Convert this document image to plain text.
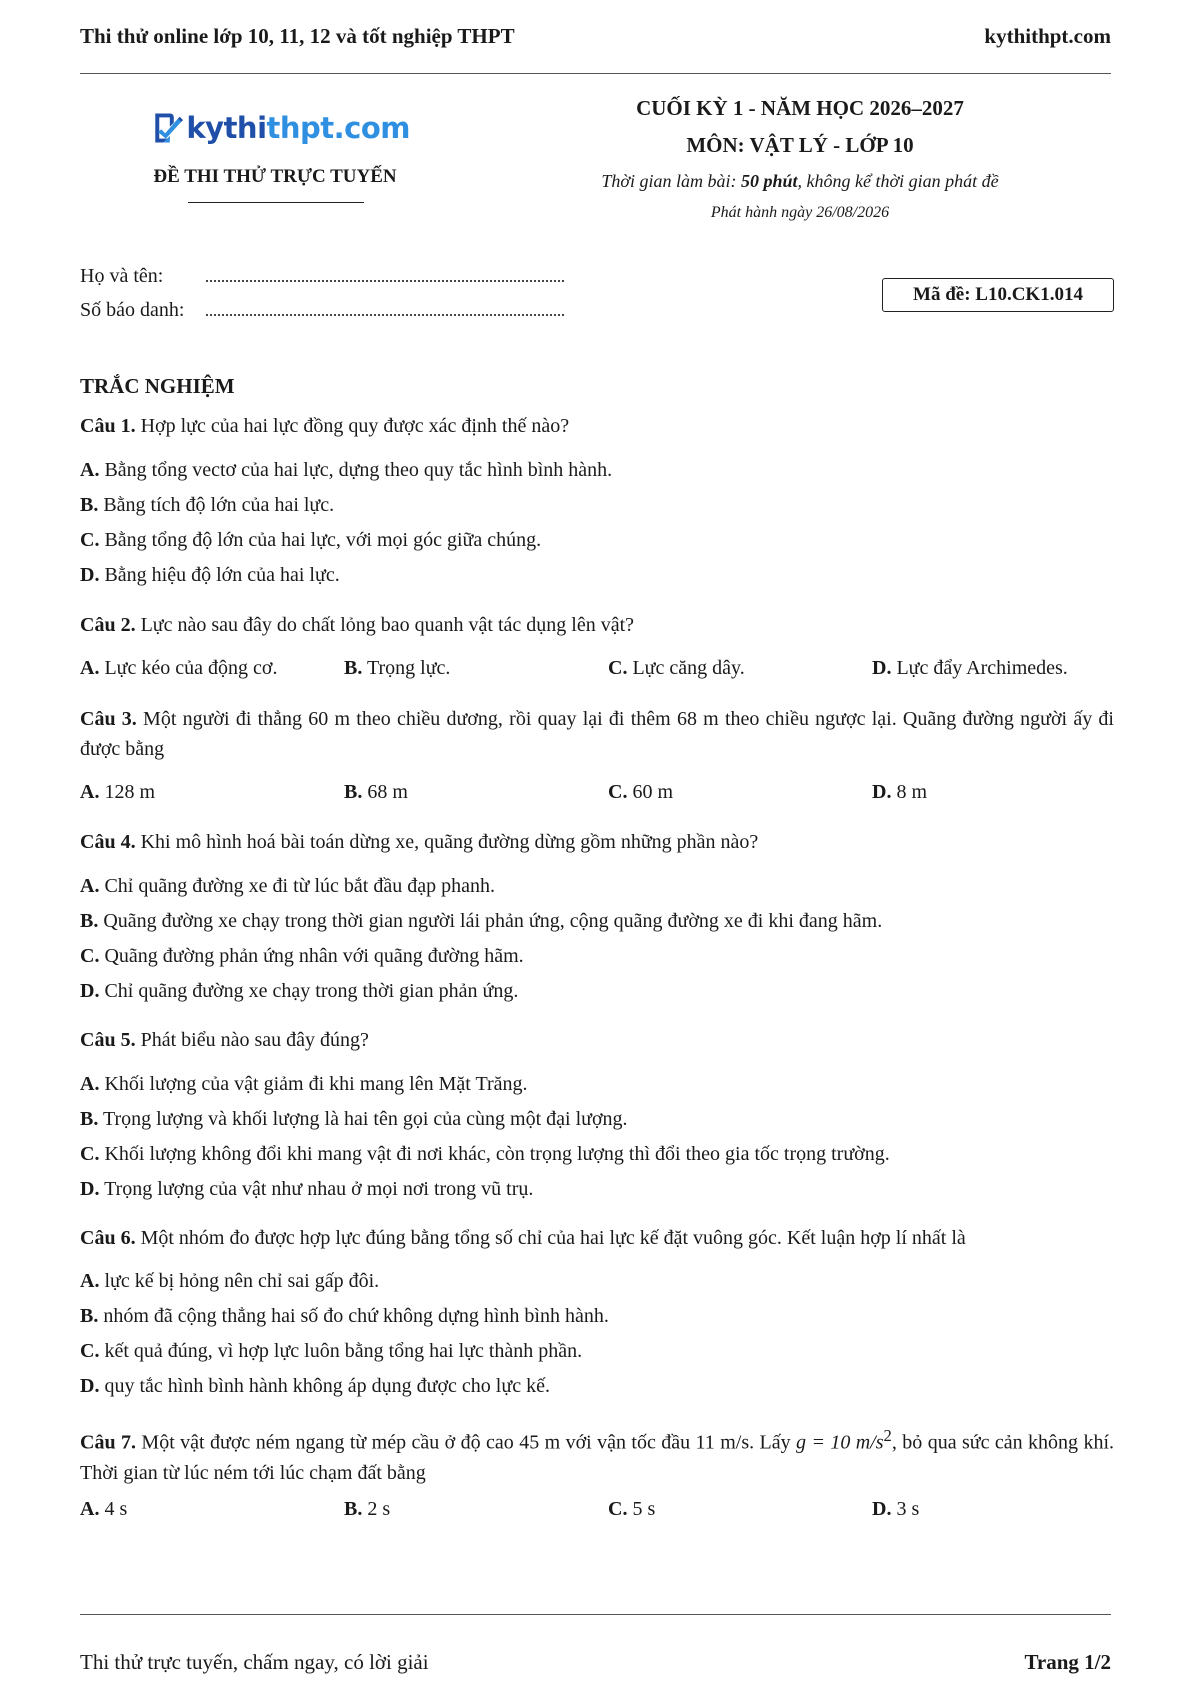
Thi thử online lớp 10, 11, 12 và tốt nghiệp THPT	kythithpt.com
kythithpt.com
ĐỀ THI THỬ TRỰC TUYẾN
CUỐI KỲ 1 - NĂM HỌC 2026–2027
MÔN: VẬT LÝ - LỚP 10
Thời gian làm bài: 50 phút, không kể thời gian phát đề
Phát hành ngày 26/08/2026
Họ và tên:
Số báo danh:
Mã đề: L10.CK1.014
TRẮC NGHIỆM
Câu 1. Hợp lực của hai lực đồng quy được xác định thế nào?
A. Bằng tổng vectơ của hai lực, dựng theo quy tắc hình bình hành.
B. Bằng tích độ lớn của hai lực.
C. Bằng tổng độ lớn của hai lực, với mọi góc giữa chúng.
D. Bằng hiệu độ lớn của hai lực.
Câu 2. Lực nào sau đây do chất lỏng bao quanh vật tác dụng lên vật?
A. Lực kéo của động cơ.	B. Trọng lực.	C. Lực căng dây.	D. Lực đẩy Archimedes.
Câu 3. Một người đi thẳng 60 m theo chiều dương, rồi quay lại đi thêm 68 m theo chiều ngược lại. Quãng đường người ấy đi được bằng
A. 128 m	B. 68 m	C. 60 m	D. 8 m
Câu 4. Khi mô hình hoá bài toán dừng xe, quãng đường dừng gồm những phần nào?
A. Chỉ quãng đường xe đi từ lúc bắt đầu đạp phanh.
B. Quãng đường xe chạy trong thời gian người lái phản ứng, cộng quãng đường xe đi khi đang hãm.
C. Quãng đường phản ứng nhân với quãng đường hãm.
D. Chỉ quãng đường xe chạy trong thời gian phản ứng.
Câu 5. Phát biểu nào sau đây đúng?
A. Khối lượng của vật giảm đi khi mang lên Mặt Trăng.
B. Trọng lượng và khối lượng là hai tên gọi của cùng một đại lượng.
C. Khối lượng không đổi khi mang vật đi nơi khác, còn trọng lượng thì đổi theo gia tốc trọng trường.
D. Trọng lượng của vật như nhau ở mọi nơi trong vũ trụ.
Câu 6. Một nhóm đo được hợp lực đúng bằng tổng số chỉ của hai lực kế đặt vuông góc. Kết luận hợp lí nhất là
A. lực kế bị hỏng nên chỉ sai gấp đôi.
B. nhóm đã cộng thẳng hai số đo chứ không dựng hình bình hành.
C. kết quả đúng, vì hợp lực luôn bằng tổng hai lực thành phần.
D. quy tắc hình bình hành không áp dụng được cho lực kế.
Câu 7. Một vật được ném ngang từ mép cầu ở độ cao 45 m với vận tốc đầu 11 m/s. Lấy g = 10 $m/s^2$, bỏ qua sức cản không khí. Thời gian từ lúc ném tới lúc chạm đất bằng
A. 4 s	B. 2 s	C. 5 s	D. 3 s
Thi thử trực tuyến, chấm ngay, có lời giải	Trang 1/2
